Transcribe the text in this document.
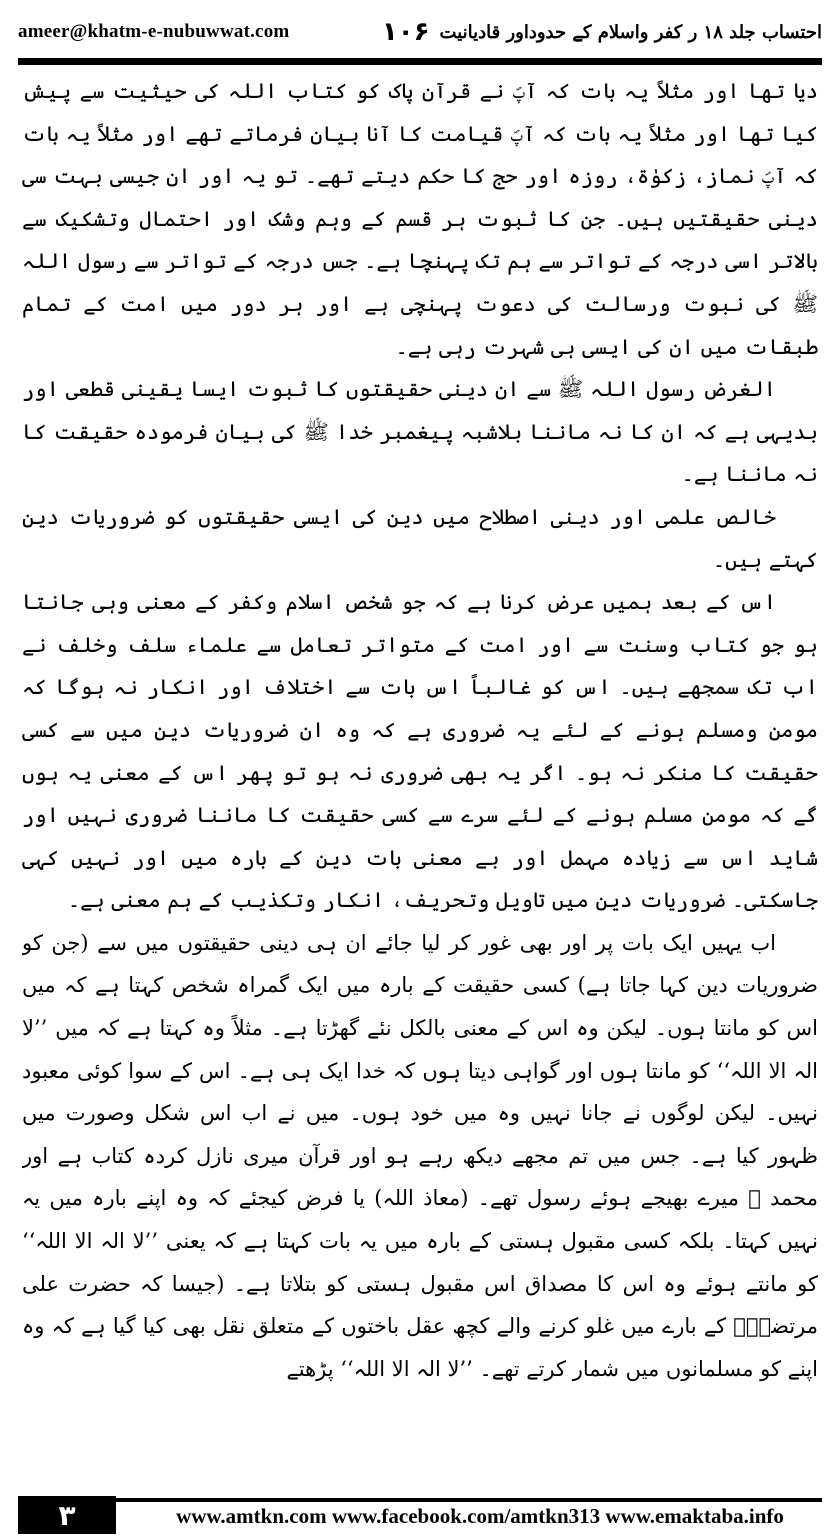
ameer@khatm-e-nubuwwat.com	احتساب جلد ۱۸ ر کفر واسلام کے حدوداور قادیانیت
۱۰۶

دیا تھا اور مثلاً یہ بات کہ آپؐ نے قرآن پاک کو کتاب اللہ کی حیثیت سے پیش کیا تھا اور مثلاً یہ بات کہ آپؐ قیامت کا آنا بیان فرماتے تھے اور مثلاً یہ بات کہ آپؐ نماز، زکوٰۃ، روزہ اور حج کا حکم دیتے تھے۔ تو یہ اور ان جیسی بہت سی دینی حقیقتیں ہیں۔ جن کا ثبوت ہر قسم کے وہم وشک اور احتمال وتشکیک سے بالاتر اسی درجہ کے تواتر سے ہم تک پہنچا ہے۔ جس درجہ کے تواتر سے رسول اللہ ﷺ کی نبوت ورسالت کی دعوت پہنچی ہے اور ہر دور میں امت کے تمام طبقات میں ان کی ایسی ہی شہرت رہی ہے۔

الغرض رسول اللہ ﷺ سے ان دینی حقیقتوں کا ثبوت ایسا یقینی قطعی اور بدیہی ہے کہ ان کا نہ ماننا بلاشبہ پیغمبر خدا ﷺ کی بیان فرمودہ حقیقت کا نہ ماننا ہے۔

خالص علمی اور دینی اصطلاح میں دین کی ایسی حقیقتوں کو ضروریات دین کہتے ہیں۔

اس کے بعد ہمیں عرض کرنا ہے کہ جو شخص اسلام وکفر کے معنی وہی جانتا ہو جو کتاب وسنت سے اور امت کے متواتر تعامل سے علماء سلف وخلف نے اب تک سمجھے ہیں۔ اس کو غالباً اس بات سے اختلاف اور انکار نہ ہوگا کہ مومن ومسلم ہونے کے لئے یہ ضروری ہے کہ وہ ان ضروریات دین میں سے کسی حقیقت کا منکر نہ ہو۔ اگر یہ بھی ضروری نہ ہو تو پھر اس کے معنی یہ ہوں گے کہ مومن مسلم ہونے کے لئے سرے سے کسی حقیقت کا ماننا ضروری نہیں اور شاید اس سے زیادہ مہمل اور بے معنی بات دین کے بارہ میں اور نہیں کہی جاسکتی۔ ضروریات دین میں تاویل وتحریف، انکار وتکذیب کے ہم معنی ہے۔

اب یہیں ایک بات پر اور بھی غور کر لیا جائے ان ہی دینی حقیقتوں میں سے (جن کو ضروریات دین کہا جاتا ہے) کسی حقیقت کے بارہ میں ایک گمراہ شخص کہتا ہے کہ میں اس کو مانتا ہوں۔ لیکن وہ اس کے معنی بالکل نئے گھڑتا ہے۔ مثلاً وہ کہتا ہے کہ میں ’’لا الہ الا اللہ‘‘ کو مانتا ہوں اور گواہی دیتا ہوں کہ خدا ایک ہی ہے۔ اس کے سوا کوئی معبود نہیں۔ لیکن لوگوں نے جانا نہیں وہ میں خود ہوں۔ میں نے اب اس شکل وصورت میں ظہور کیا ہے۔ جس میں تم مجھے دیکھ رہے ہو اور قرآن میری نازل کردہ کتاب ہے اور محمد ﷺ میرے بھیجے ہوئے رسول تھے۔ (معاذ اللہ) یا فرض کیجئے کہ وہ اپنے بارہ میں یہ نہیں کہتا۔ بلکہ کسی مقبول ہستی کے بارہ میں یہ بات کہتا ہے کہ یعنی ’’لا الہ الا اللہ‘‘ کو مانتے ہوئے وہ اس کا مصداق اس مقبول ہستی کو بتلاتا ہے۔ (جیسا کہ حضرت علی مرتضیٰؓ کے بارے میں غلو کرنے والے کچھ عقل باختوں کے متعلق نقل بھی کیا گیا ہے کہ وہ اپنے کو مسلمانوں میں شمار کرتے تھے۔ ’’لا الہ الا اللہ‘‘ پڑھتے

۳	www.amtkn.com www.facebook.com/amtkn313 www.emaktaba.info
